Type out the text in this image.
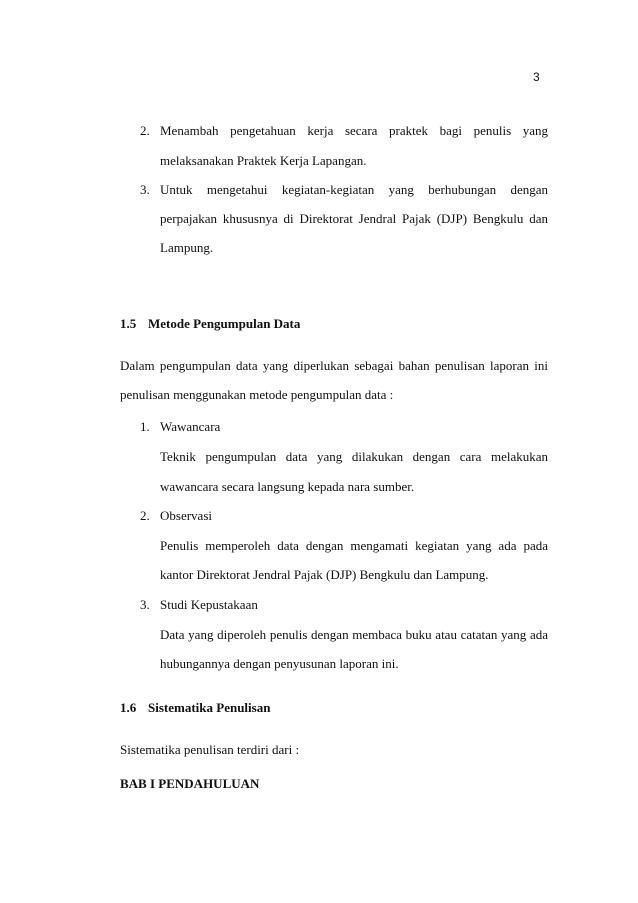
3
2. Menambah pengetahuan kerja secara praktek bagi penulis yang
melaksanakan Praktek Kerja Lapangan.
3. Untuk mengetahui kegiatan-kegiatan yang berhubungan dengan
perpajakan khususnya di Direktorat Jendral Pajak (DJP) Bengkulu dan
Lampung.
1.5 Metode Pengumpulan Data
Dalam pengumpulan data yang diperlukan sebagai bahan penulisan laporan ini
penulisan menggunakan metode pengumpulan data :
1. Wawancara
Teknik pengumpulan data yang dilakukan dengan cara melakukan
wawancara secara langsung kepada nara sumber.
2. Observasi
Penulis memperoleh data dengan mengamati kegiatan yang ada pada
kantor Direktorat Jendral Pajak (DJP) Bengkulu dan Lampung.
3. Studi Kepustakaan
Data yang diperoleh penulis dengan membaca buku atau catatan yang ada
hubungannya dengan penyusunan laporan ini.
1.6 Sistematika Penulisan
Sistematika penulisan terdiri dari :
BAB I PENDAHULUAN
